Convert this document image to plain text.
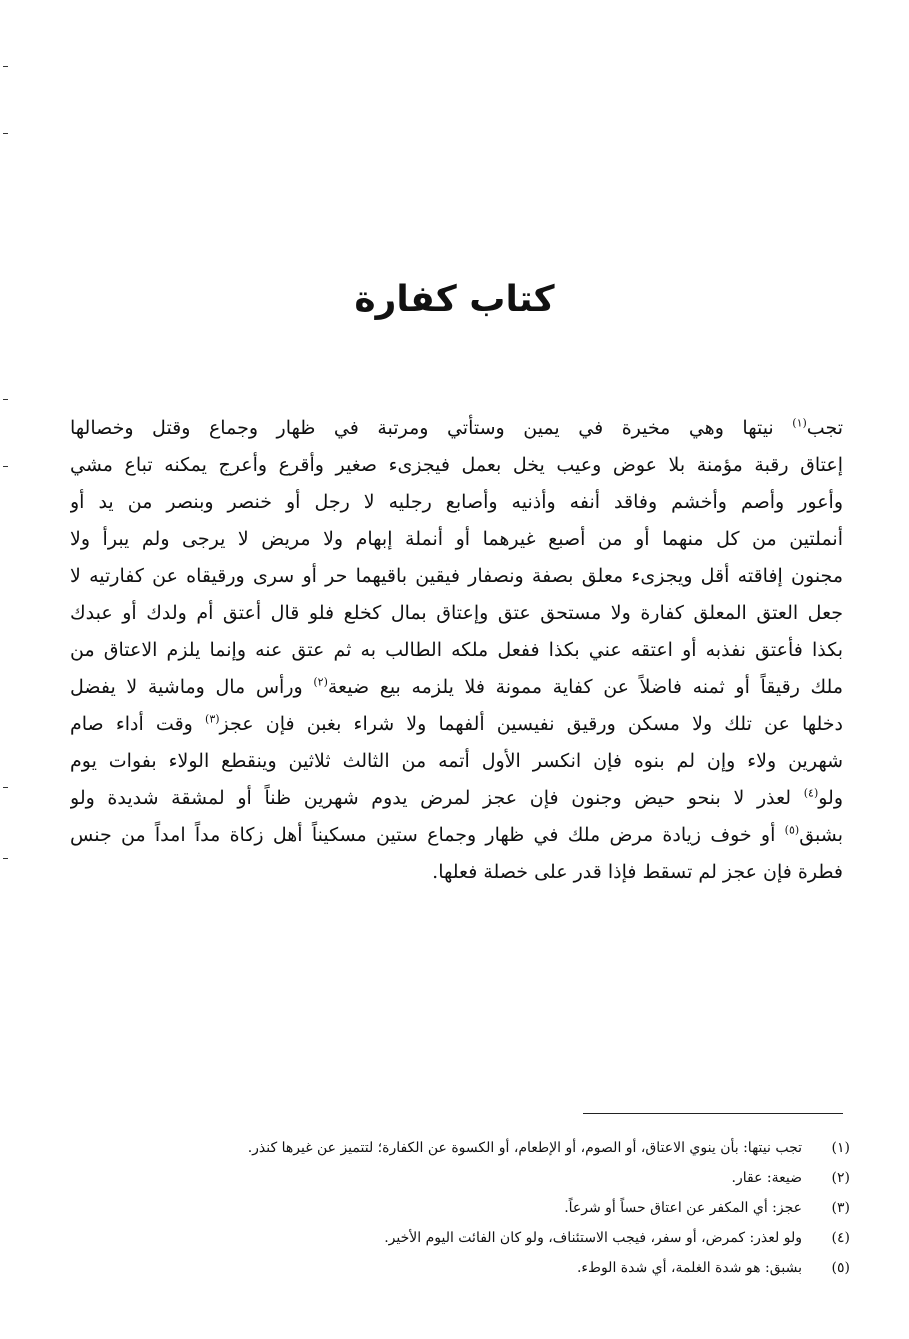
كتاب كفارة
تجب$^{(١)}$ نيتها وهي مخيرة في يمين وستأتي ومرتبة في ظهار وجماع وقتل وخصالها
إعتاق رقبة مؤمنة بلا عوض وعيب يخل بعمل فيجزىء صغير وأقرع وأعرج يمكنه تباع مشي
وأعور وأصم وأخشم وفاقد أنفه وأذنيه وأصابع رجليه لا رجل أو خنصر وبنصر من يد أو
أنملتين من كل منهما أو من أصبع غيرهما أو أنملة إبهام ولا مريض لا يرجى ولم يبرأ ولا
مجنون إفاقته أقل ويجزىء معلق بصفة ونصفار فيقين باقيهما حر أو سرى ورقيقاه عن كفارتيه لا
جعل العتق المعلق كفارة ولا مستحق عتق وإعتاق بمال كخلع فلو قال أعتق أم ولدك أو عبدك
بكذا فأعتق نفذبه أو اعتقه عني بكذا ففعل ملكه الطالب به ثم عتق عنه وإنما يلزم الاعتاق من
ملك رقيقاً أو ثمنه فاضلاً عن كفاية ممونة فلا يلزمه بيع ضيعة$^{(٢)}$ ورأس مال وماشية لا يفضل
دخلها عن تلك ولا مسكن ورقيق نفيسين ألفهما ولا شراء بغبن فإن عجز$^{(٣)}$ وقت أداء صام
شهرين ولاء وإن لم بنوه فإن انكسر الأول أتمه من الثالث ثلاثين وينقطع الولاء بفوات يوم
ولو$^{(٤)}$ لعذر لا بنحو حيض وجنون فإن عجز لمرض يدوم شهرين ظناً أو لمشقة شديدة ولو
بشبق$^{(٥)}$ أو خوف زيادة مرض ملك في ظهار وجماع ستين مسكيناً أهل زكاة مداً امداً من جنس
فطرة فإن عجز لم تسقط فإذا قدر على خصلة فعلها.
(١)
تجب نيتها: بأن ينوي الاعتاق، أو الصوم، أو الإطعام، أو الكسوة عن الكفارة؛ لتتميز عن غيرها كنذر.
(٢)
ضيعة: عقار.
(٣)
عجز: أي المكفر عن اعتاق حساً أو شرعاً.
(٤)
ولو لعذر: كمرض، أو سفر، فيجب الاستئناف، ولو كان الفائت اليوم الأخير.
(٥)
بشبق: هو شدة الغلمة، أي شدة الوطء.
